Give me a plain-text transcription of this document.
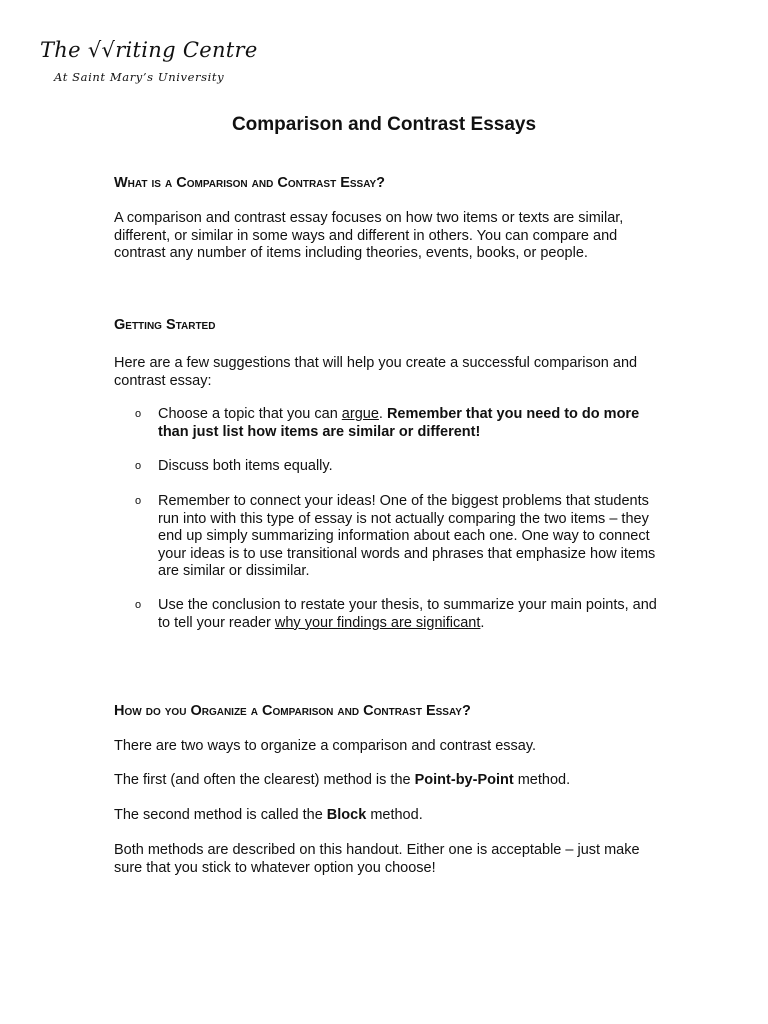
The √√riting Centre
At Saint Mary’s University
Comparison and Contrast Essays
What is a Comparison and Contrast Essay?

A comparison and contrast essay focuses on how two items or texts are similar, different, or similar in some ways and different in others. You can compare and contrast any number of items including theories, events, books, or people.

Getting Started

Here are a few suggestions that will help you create a successful comparison and contrast essay:

o Choose a topic that you can argue. Remember that you need to do more than just list how items are similar or different!
o Discuss both items equally.
o Remember to connect your ideas! One of the biggest problems that students run into with this type of essay is not actually comparing the two items – they end up simply summarizing information about each one. One way to connect your ideas is to use transitional words and phrases that emphasize how items are similar or dissimilar.
o Use the conclusion to restate your thesis, to summarize your main points, and to tell your reader why your findings are significant.
How do you Organize a Comparison and Contrast Essay?

There are two ways to organize a comparison and contrast essay.

The first (and often the clearest) method is the Point-by-Point method.

The second method is called the Block method.

Both methods are described on this handout. Either one is acceptable – just make sure that you stick to whatever option you choose!
